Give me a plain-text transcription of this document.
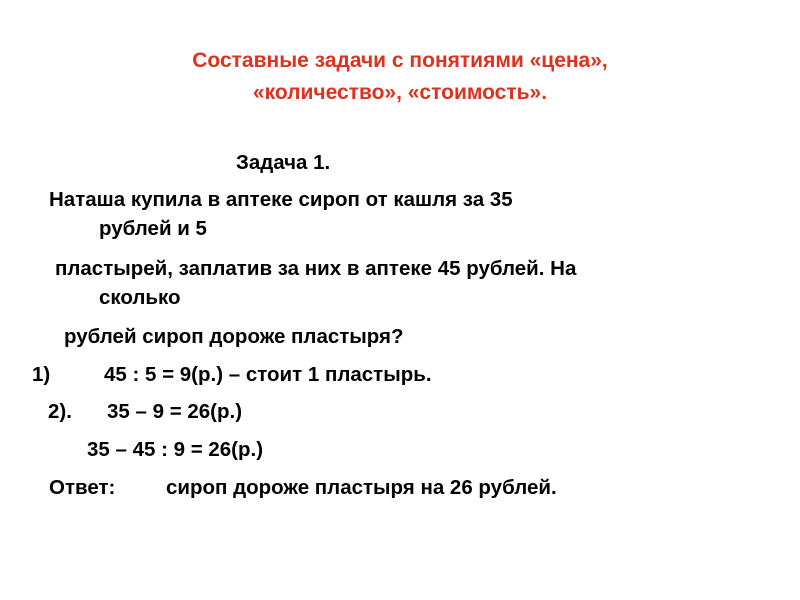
Составные задачи с понятиями «цена»,
«количество», «стоимость».
Задача 1.
Наташа купила в аптеке сироп от кашля за 35
рублей и 5
пластырей, заплатив за них в аптеке 45 рублей. На
сколько
рублей сироп дороже пластыря?
1)	45 : 5 = 9(р.) – стоит 1 пластырь.
2). 35 – 9 = 26(р.)
35 – 45 : 9 = 26(р.)
Ответ: сироп дороже пластыря на 26 рублей.
